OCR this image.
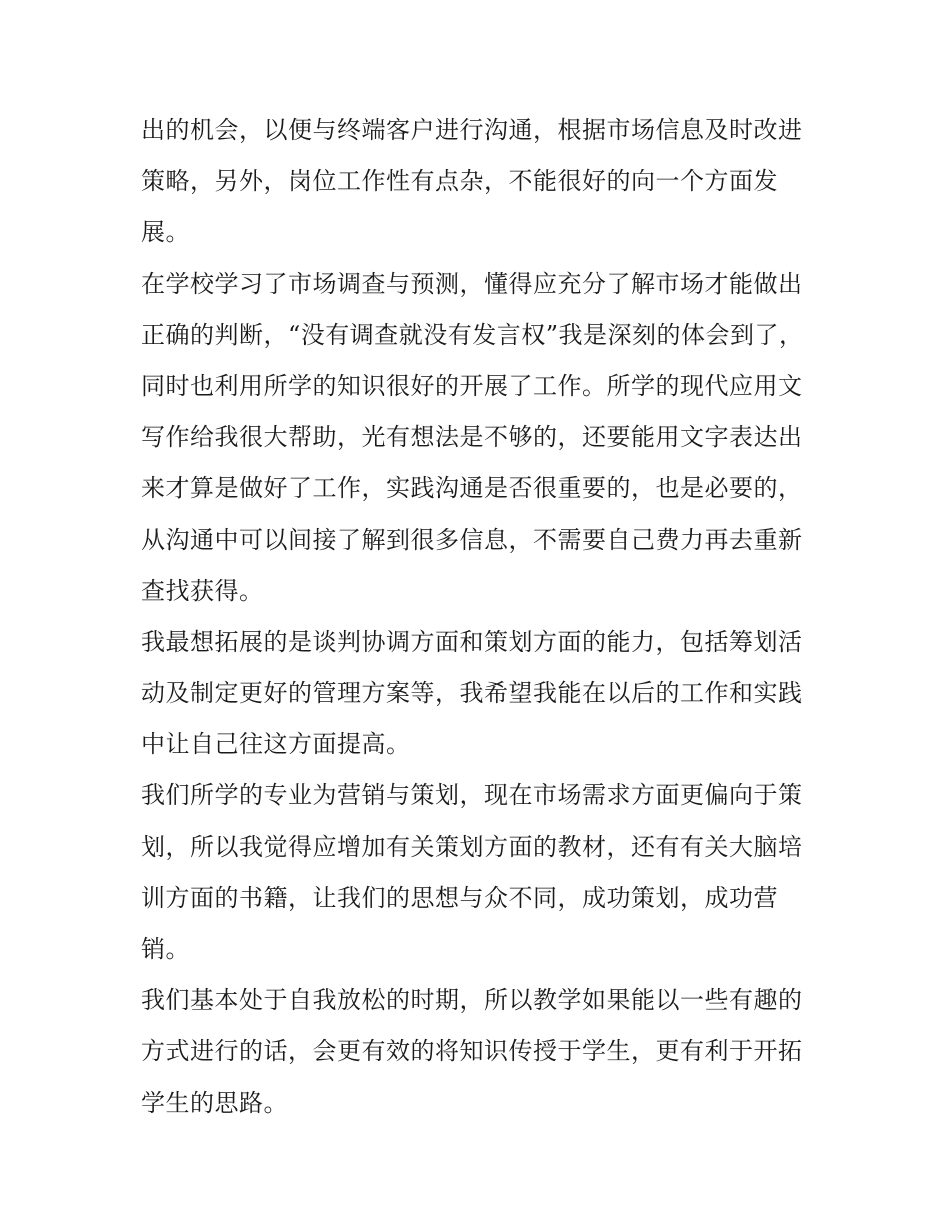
出的机会，以便与终端客户进行沟通，根据市场信息及时改进
策略，另外，岗位工作性有点杂，不能很好的向一个方面发
展。

在学校学习了市场调查与预测，懂得应充分了解市场才能做出
正确的判断，“没有调查就没有发言权”我是深刻的体会到了，
同时也利用所学的知识很好的开展了工作。所学的现代应用文
写作给我很大帮助，光有想法是不够的，还要能用文字表达出
来才算是做好了工作，实践沟通是否很重要的，也是必要的，
从沟通中可以间接了解到很多信息，不需要自己费力再去重新
查找获得。

我最想拓展的是谈判协调方面和策划方面的能力，包括筹划活
动及制定更好的管理方案等，我希望我能在以后的工作和实践
中让自己往这方面提高。

我们所学的专业为营销与策划，现在市场需求方面更偏向于策
划，所以我觉得应增加有关策划方面的教材，还有有关大脑培
训方面的书籍，让我们的思想与众不同，成功策划，成功营
销。

我们基本处于自我放松的时期，所以教学如果能以一些有趣的
方式进行的话，会更有效的将知识传授于学生，更有利于开拓
学生的思路。
